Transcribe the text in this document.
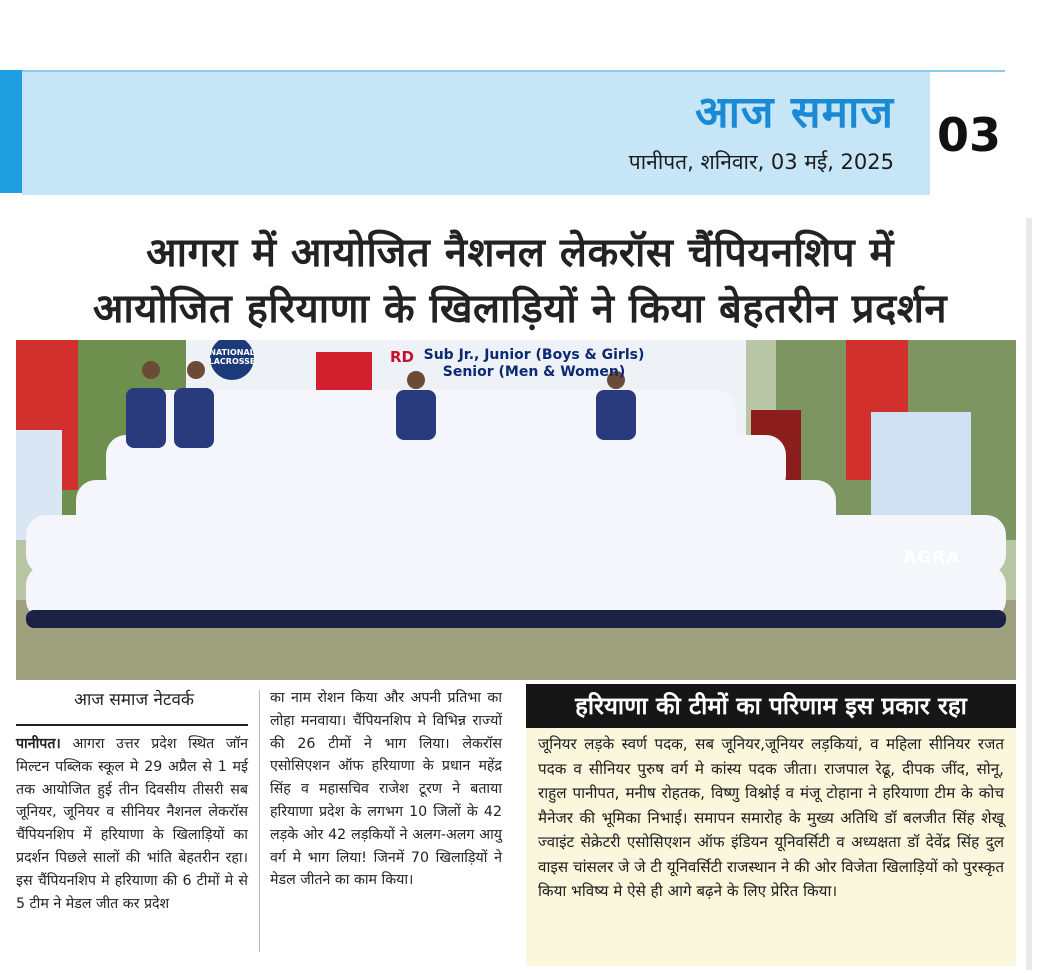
आज समाज
पानीपत, शनिवार, 03 मई, 2025 03
आगरा में आयोजित नैशनल लेकरॉस चैंपियनशिप में
आयोजित हरियाणा के खिलाड़ियों ने किया बेहतरीन प्रदर्शन
NATIONAL LACROSSE	RD Sub Jr., Junior (Boys & Girls)
Senior (Men & Women)
AGRA
आज समाज नेटवर्क

पानीपत। आगरा उत्तर प्रदेश स्थित जॉन मिल्टन पब्लिक स्कूल मे 29 अप्रैल से 1 मई तक आयोजित हुई तीन दिवसीय तीसरी सब जूनियर, जूनियर व सीनियर नैशनल लेकरॉस चैंपियनशिप में हरियाणा के खिलाड़ियों का प्रदर्शन पिछले सालों की भांति बेहतरीन रहा। इस चैंपियनशिप मे हरियाणा की 6 टीमों मे से 5 टीम ने मेडल जीत कर प्रदेश

का नाम रोशन किया और अपनी प्रतिभा का लोहा मनवाया। चैंपियनशिप मे विभिन्न राज्यों की 26 टीमों ने भाग लिया। लेकरॉस एसोसिएशन ऑफ हरियाणा के प्रधान महेंद्र सिंह व महासचिव राजेश टूरण ने बताया हरियाणा प्रदेश के लगभग 10 जिलों के 42 लड़के ओर 42 लड़कियों ने अलग-अलग आयु वर्ग मे भाग लिया! जिनमें 70 खिलाड़ियों ने मेडल जीतने का काम किया।

हरियाणा की टीमों का परिणाम इस प्रकार रहा

जूनियर लड़के स्वर्ण पदक, सब जूनियर,जूनियर लड़कियां, व महिला सीनियर रजत पदक व सीनियर पुरुष वर्ग मे कांस्य पदक जीता। राजपाल रेढू, दीपक जींद, सोनू, राहुल पानीपत, मनीष रोहतक, विष्णु विश्नोई व मंजू टोहाना ने हरियाणा टीम के कोच मैनेजर की भूमिका निभाई। समापन समारोह के मुख्य अतिथि डॉ बलजीत सिंह शेखू ज्वाइंट सेक्रेटरी एसोसिएशन ऑफ इंडियन यूनिवर्सिटी व अध्यक्षता डॉ देवेंद्र सिंह दुल वाइस चांसलर जे जे टी यूनिवर्सिटी राजस्थान ने की ओर विजेता खिलाड़ियों को पुरस्कृत किया भविष्य मे ऐसे ही आगे बढ़ने के लिए प्रेरित किया।
